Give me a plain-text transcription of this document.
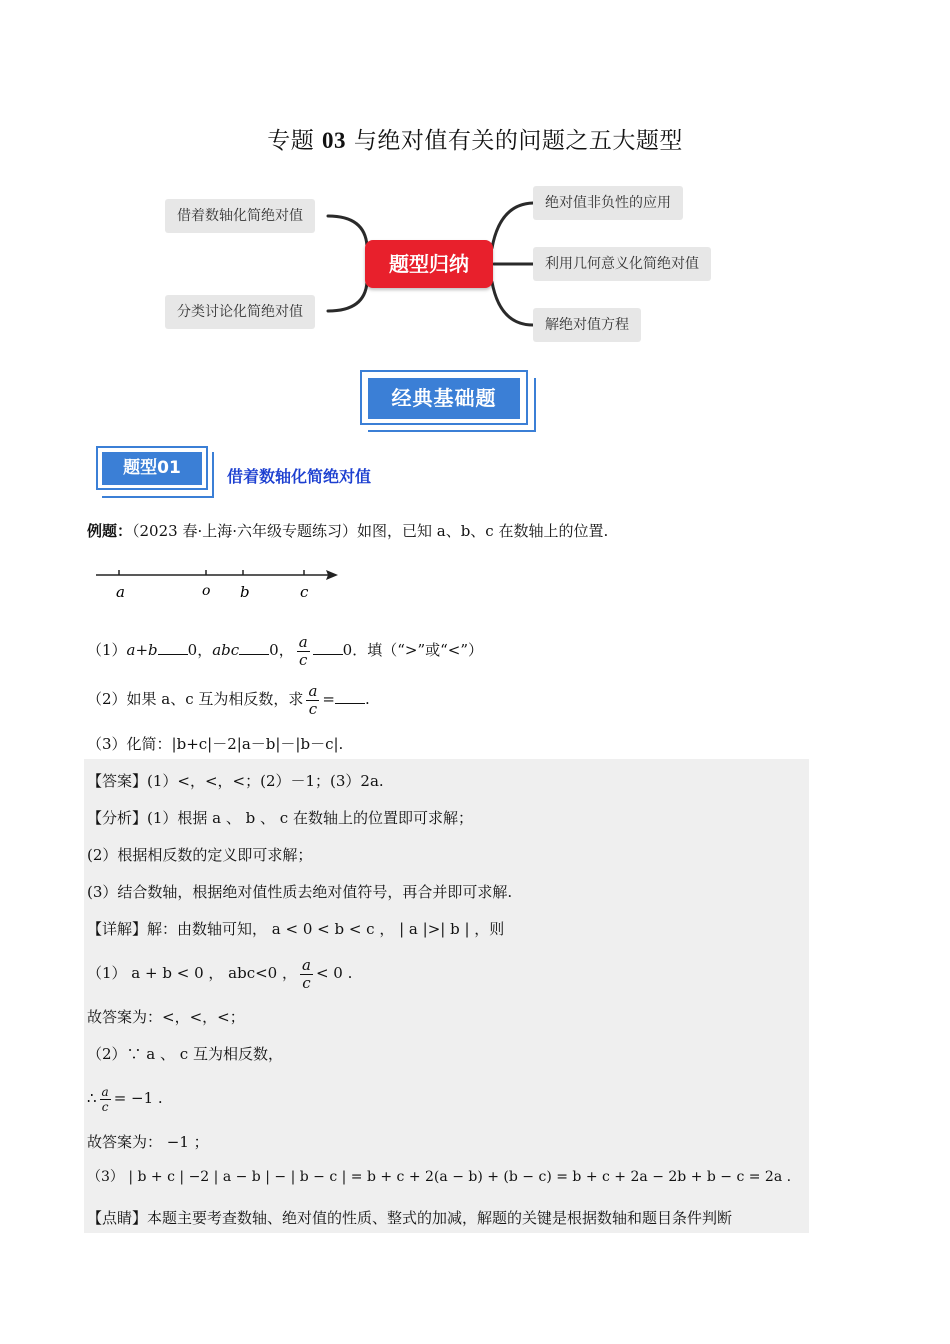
专题 03 与绝对值有关的问题之五大题型
借着数轴化简绝对值
分类讨论化简绝对值
题型归纳
绝对值非负性的应用
利用几何意义化简绝对值
解绝对值方程
经典基础题
题型01	借着数轴化简绝对值
例题：（2023 春·上海·六年级专题练习）如图，已知 a、b、c 在数轴上的位置.
a	o b	c
（1）a+b 0，abc 0， $\frac{a}{c} 0$．填（“>”或“<”）
（2）如果 a、c 互为相反数，求 $\frac{a}{c}$ = .
（3）化简：|b+c|－2|a－b|－|b－c|.
【答案】(1）<，<，<；(2）－1；(3）2a.
【分析】(1）根据 a 、 b 、 c 在数轴上的位置即可求解；
(2）根据相反数的定义即可求解；
(3）结合数轴，根据绝对值性质去绝对值符号，再合并即可求解.
【详解】解：由数轴可知， a < 0 < b < c ， | a |>| b | ，则
（1） a + b < 0 ， abc<0 ， $\frac{a}{c} < 0$ .
故答案为：<，<，<；
（2）∵ a 、 c 互为相反数，
∴ $\frac{a}{c} = -1$ .
故答案为： −1 ；
（3） | b + c | −2 | a − b | − | b − c | = b + c + 2(a − b) + (b − c) = b + c + 2a − 2b + b − c = 2a .
【点睛】本题主要考查数轴、绝对值的性质、整式的加减，解题的关键是根据数轴和题目条件判断
